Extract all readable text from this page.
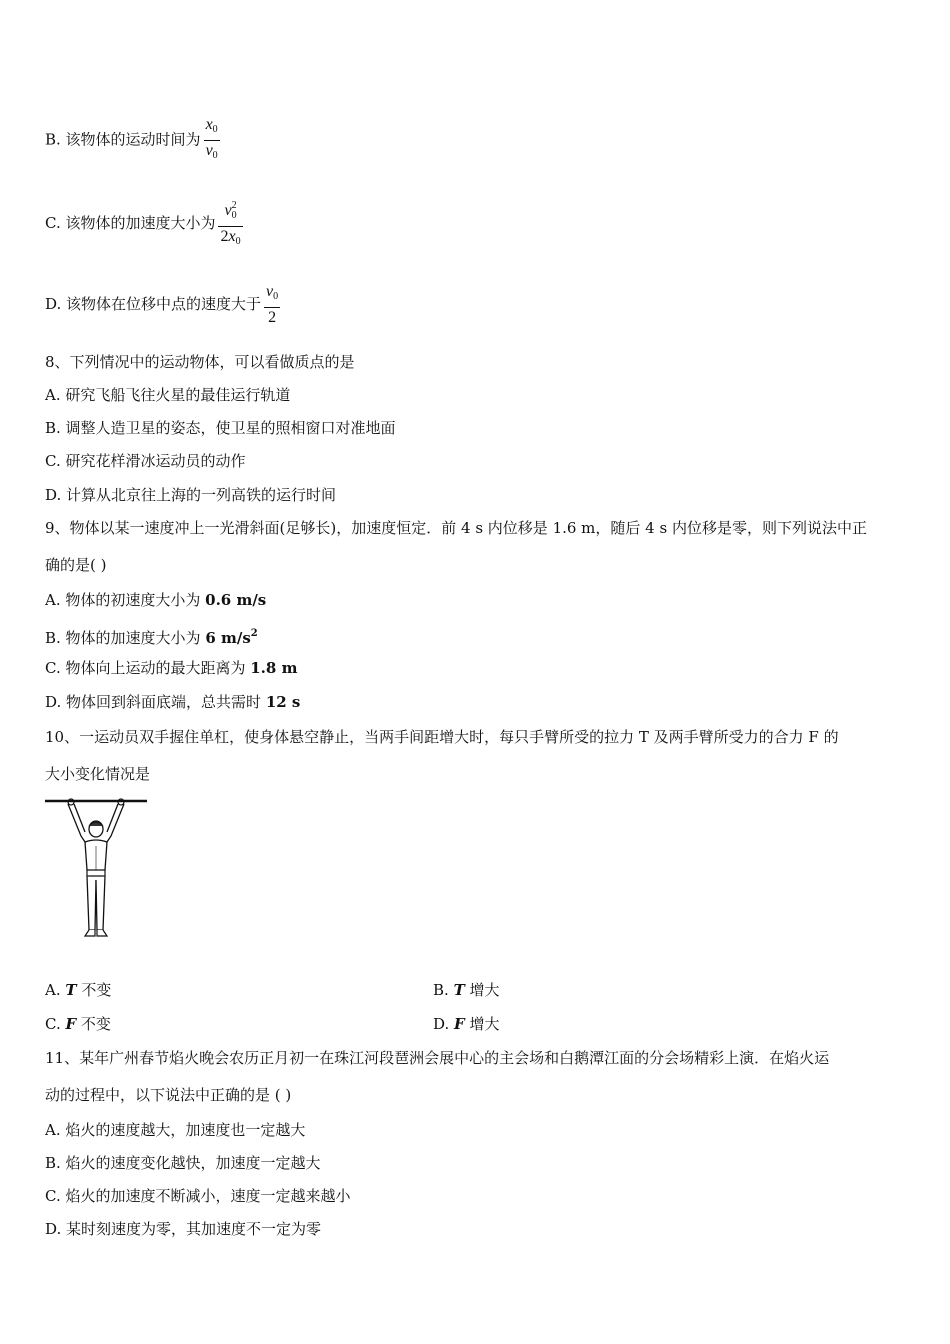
B. 该物体的运动时间为 $\frac{x_0}{v_0}$
C. 该物体的加速度大小为 $\frac{v_0^2}{2x_0}$
D. 该物体在位移中点的速度大于 $\frac{v_0}{2}$
8、下列情况中的运动物体，可以看做质点的是
A. 研究飞船飞往火星的最佳运行轨道
B. 调整人造卫星的姿态，使卫星的照相窗口对准地面
C. 研究花样滑冰运动员的动作
D. 计算从北京往上海的一列高铁的运行时间
9、物体以某一速度冲上一光滑斜面(足够长)，加速度恒定．前 4 s 内位移是 1.6 m，随后 4 s 内位移是零，则下列说法中正
确的是( )
A. 物体的初速度大小为 0.6 m/s
B. 物体的加速度大小为 6 $m/s^2$
C. 物体向上运动的最大距离为 1.8 m
D. 物体回到斜面底端，总共需时 12 s
10、一运动员双手握住单杠，使身体悬空静止，当两手间距增大时，每只手臂所受的拉力 T 及两手臂所受力的合力 F 的
大小变化情况是
A. T 不变	B. T 增大
C. F 不变	D. F 增大
11、某年广州春节焰火晚会农历正月初一在珠江河段琶洲会展中心的主会场和白鹅潭江面的分会场精彩上演．在焰火运
动的过程中，以下说法中正确的是 ( )
A. 焰火的速度越大，加速度也一定越大
B. 焰火的速度变化越快，加速度一定越大
C. 焰火的加速度不断减小，速度一定越来越小
D. 某时刻速度为零，其加速度不一定为零
